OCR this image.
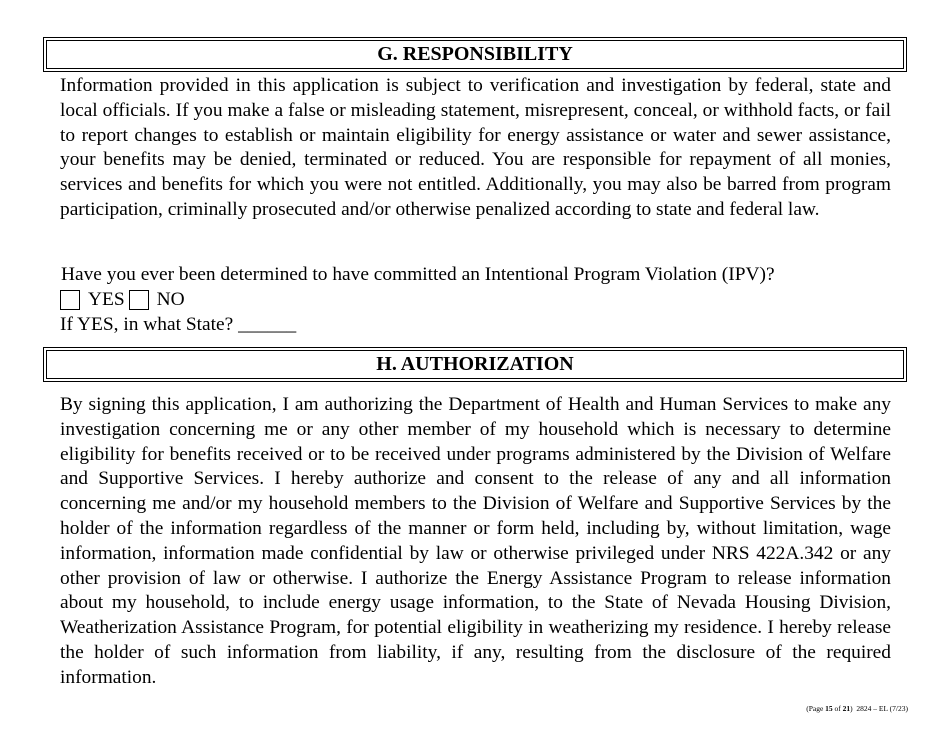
G. RESPONSIBILITY

Information provided in this application is subject to verification and investigation by federal, state and local officials. If you make a false or misleading statement, misrepresent, conceal, or withhold facts, or fail to report changes to establish or maintain eligibility for energy assistance or water and sewer assistance, your benefits may be denied, terminated or reduced. You are responsible for repayment of all monies, services and benefits for which you were not entitled. Additionally, you may also be barred from program participation, criminally prosecuted and/or otherwise penalized according to state and federal law.

Have you ever been determined to have committed an Intentional Program Violation (IPV)?
YES NO
If YES, in what State? ______
H. AUTHORIZATION

By signing this application, I am authorizing the Department of Health and Human Services to make any investigation concerning me or any other member of my household which is necessary to determine eligibility for benefits received or to be received under programs administered by the Division of Welfare and Supportive Services. I hereby authorize and consent to the release of any and all information concerning me and/or my household members to the Division of Welfare and Supportive Services by the holder of the information regardless of the manner or form held, including by, without limitation, wage information, information made confidential by law or otherwise privileged under NRS 422A.342 or any other provision of law or otherwise. I authorize the Energy Assistance Program to release information about my household, to include energy usage information, to the State of Nevada Housing Division, Weatherization Assistance Program, for potential eligibility in weatherizing my residence. I hereby release the holder of such information from liability, if any, resulting from the disclosure of the required information.

(Page 15 of 21) 2824 – EL (7/23)
